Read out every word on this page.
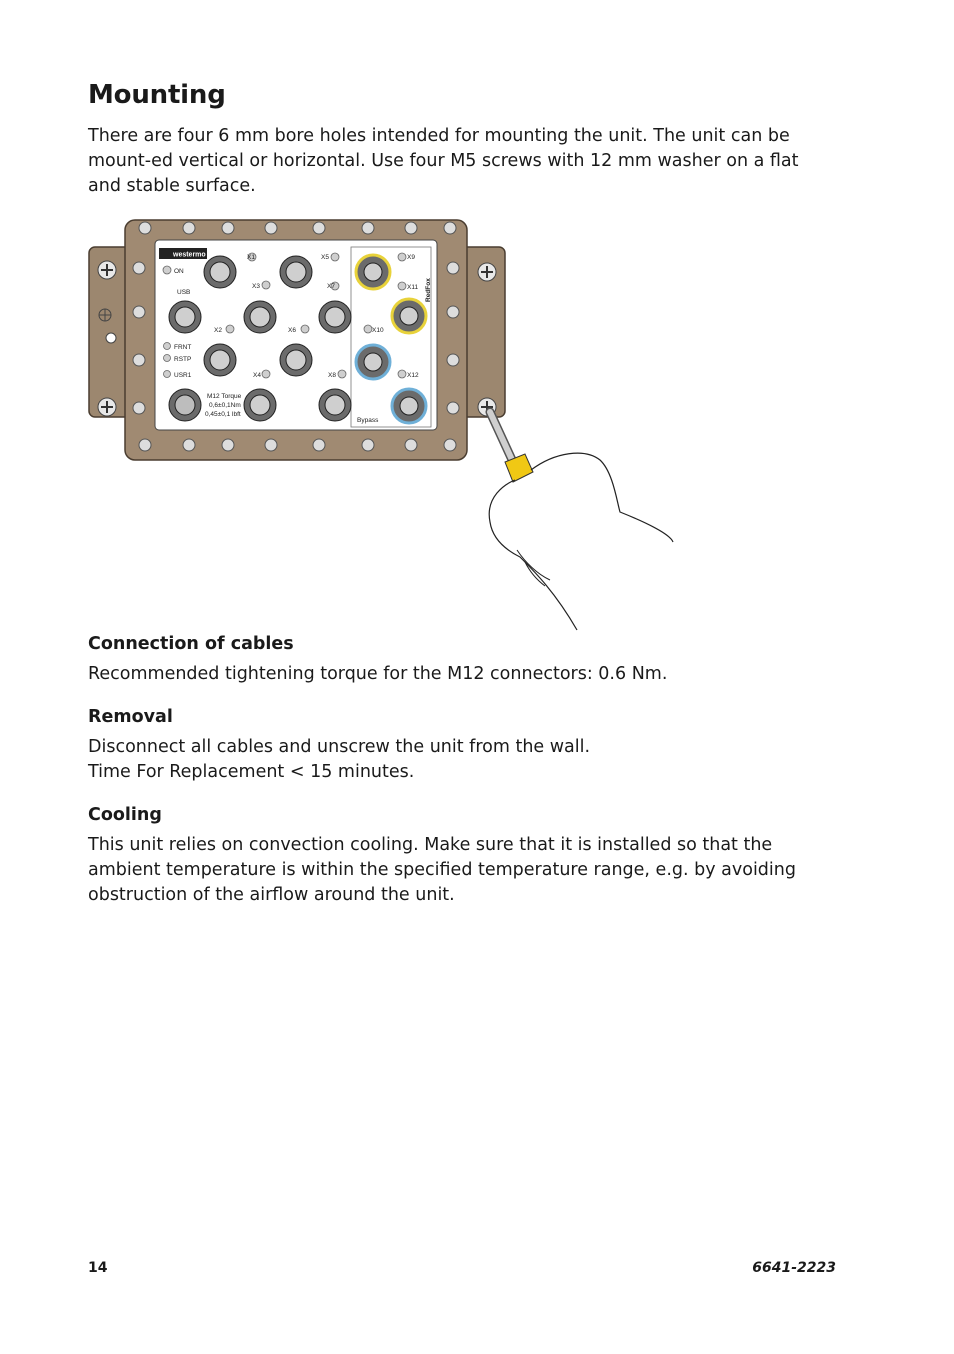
Mounting

There are four 6 mm bore holes intended for mounting the unit. The unit can be mount-ed vertical or horizontal. Use four M5 screws with 12 mm washer on a flat and stable surface.

westermo
RedFox
ON
FRNT
RSTP
USR1
USB
X1
X2
X3
X4
X5
X6
X7
X8
X9
X10
X11
X12
M12 Torque
0,6±0,1Nm
0,45±0,1 lbft
Bypass
Connection of cables

Recommended tightening torque for the M12 connectors: 0.6 Nm.

Removal

Disconnect all cables and unscrew the unit from the wall.

Time For Replacement < 15 minutes.

Cooling

This unit relies on convection cooling. Make sure that it is installed so that the ambient temperature is within the specified temperature range, e.g. by avoiding obstruction of the airflow around the unit.

14	6641-2223
